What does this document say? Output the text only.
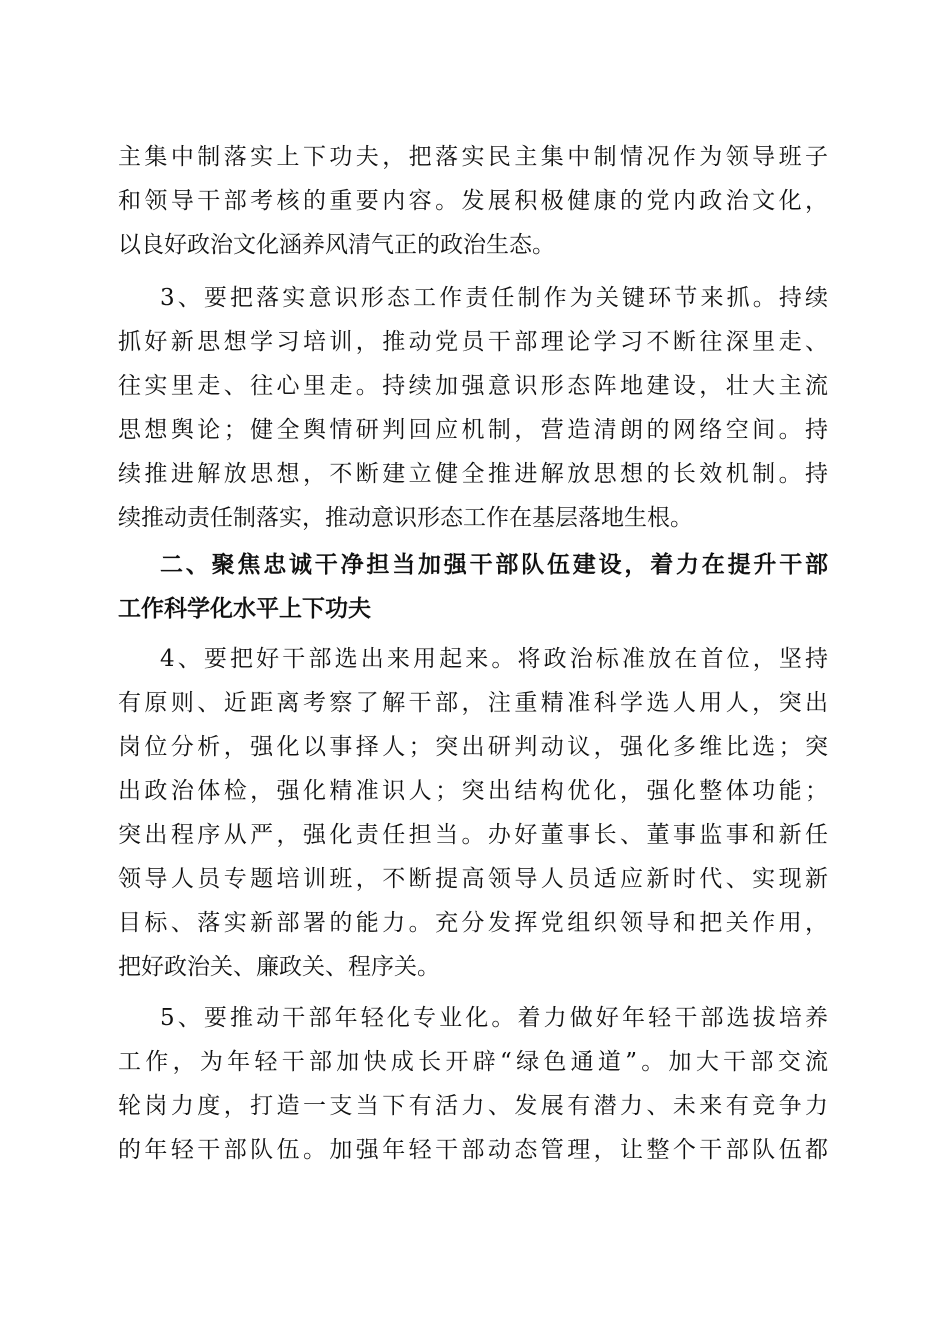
主集中制落实上下功夫，把落实民主集中制情况作为领导班子
和领导干部考核的重要内容。发展积极健康的党内政治文化，
以良好政治文化涵养风清气正的政治生态。
3、要把落实意识形态工作责任制作为关键环节来抓。持续
抓好新思想学习培训，推动党员干部理论学习不断往深里走、
往实里走、往心里走。持续加强意识形态阵地建设，壮大主流
思想舆论；健全舆情研判回应机制，营造清朗的网络空间。持
续推进解放思想，不断建立健全推进解放思想的长效机制。持
续推动责任制落实，推动意识形态工作在基层落地生根。
二、聚焦忠诚干净担当加强干部队伍建设，着力在提升干部
工作科学化水平上下功夫
4、要把好干部选出来用起来。将政治标准放在首位，坚持
有原则、近距离考察了解干部，注重精准科学选人用人，突出
岗位分析，强化以事择人；突出研判动议，强化多维比选；突
出政治体检，强化精准识人；突出结构优化，强化整体功能；
突出程序从严，强化责任担当。办好董事长、董事监事和新任
领导人员专题培训班，不断提高领导人员适应新时代、实现新
目标、落实新部署的能力。充分发挥党组织领导和把关作用，
把好政治关、廉政关、程序关。
5、要推动干部年轻化专业化。着力做好年轻干部选拔培养
工作，为年轻干部加快成长开辟“绿色通道”。加大干部交流
轮岗力度，打造一支当下有活力、发展有潜力、未来有竞争力
的年轻干部队伍。加强年轻干部动态管理，让整个干部队伍都
